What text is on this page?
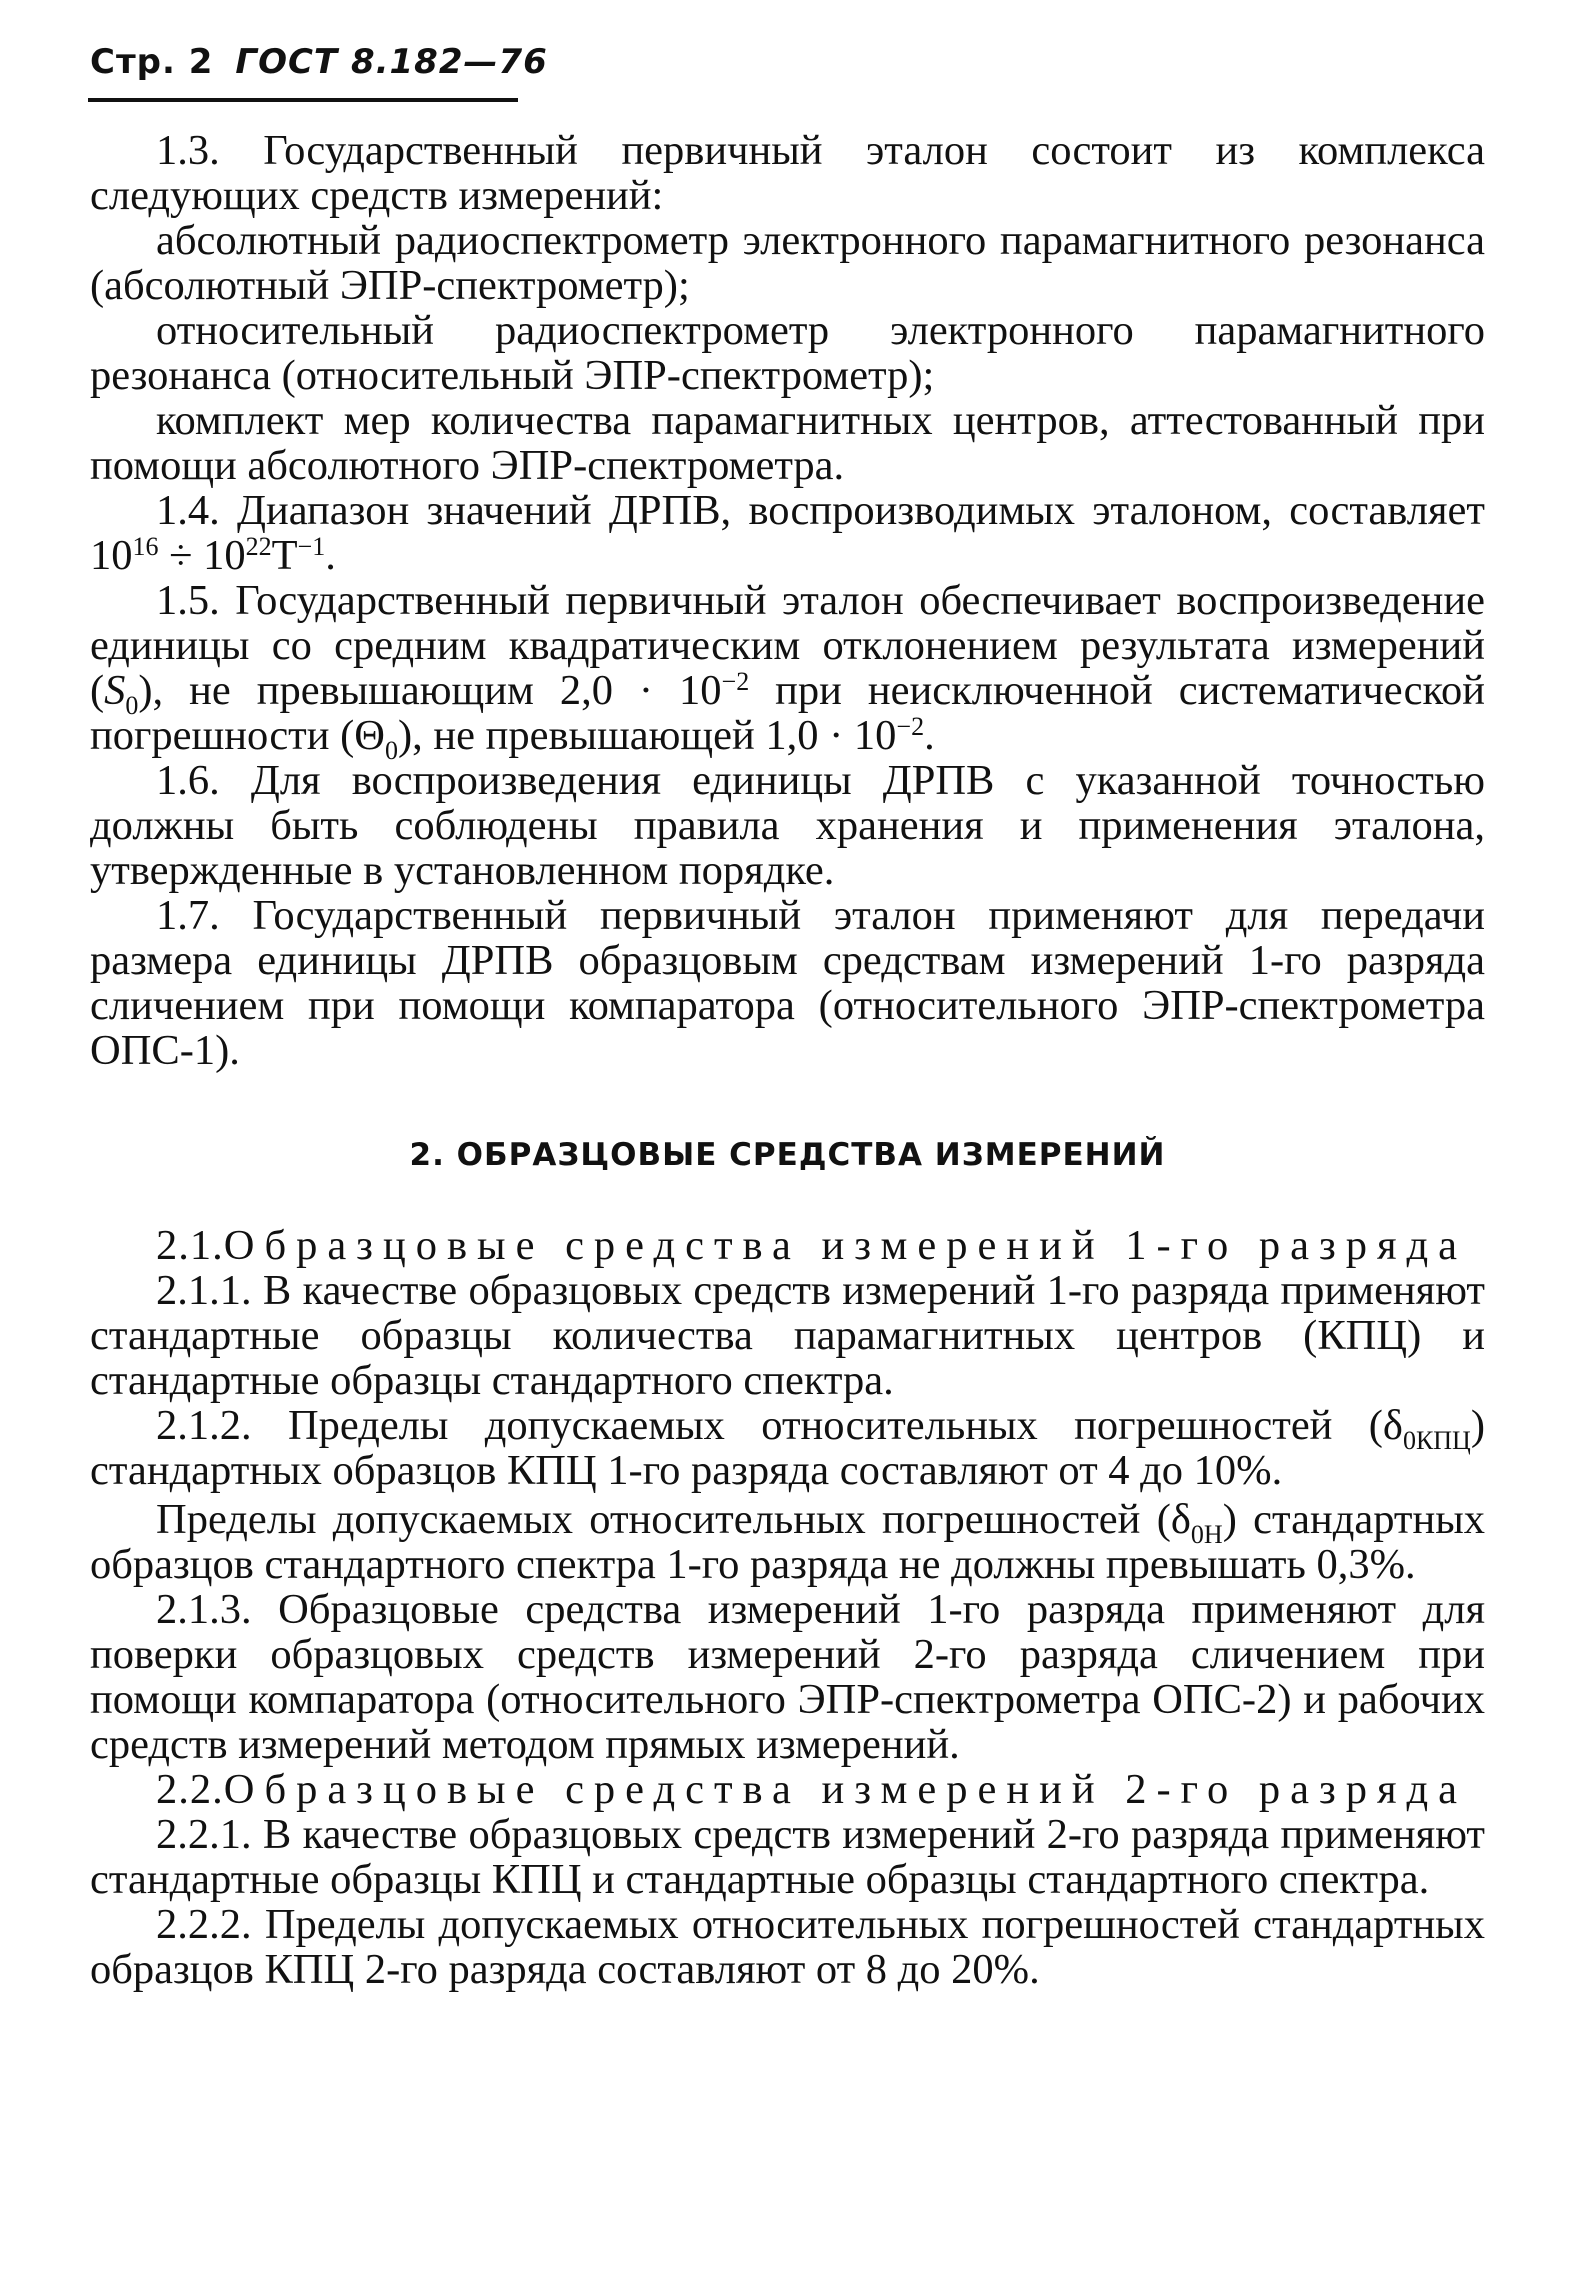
Стр. 2 ГОСТ 8.182—76

1.3. Государственный первичный эталон состоит из комплекса следующих средств измерений:

абсолютный радиоспектрометр электронного парамагнитного резонанса (абсолютный ЭПР-спектрометр);

относительный радиоспектрометр электронного парамагнитного резонанса (относительный ЭПР-спектрометр);

комплект мер количества парамагнитных центров, аттестованный при помощи абсолютного ЭПР-спектрометра.

1.4. Диапазон значений ДРПВ, воспроизводимых эталоном, составляет $10^{16} \div 10^{22}Т^{-1}$.

1.5. Государственный первичный эталон обеспечивает воспроизведение единицы со средним квадратическим отклонением результата измерений $(S_0)$, не превышающим $2,0 \cdot 10^{-2}$ при неисключенной систематической погрешности $(\Theta_0)$, не превышающей $1,0 \cdot 10^{-2}$.

1.6. Для воспроизведения единицы ДРПВ с указанной точностью должны быть соблюдены правила хранения и применения эталона, утвержденные в установленном порядке.

1.7. Государственный первичный эталон применяют для передачи размера единицы ДРПВ образцовым средствам измерений 1-го разряда сличением при помощи компаратора (относительного ЭПР-спектрометра ОПС-1).

2. ОБРАЗЦОВЫЕ СРЕДСТВА ИЗМЕРЕНИЙ

2.1.Образцовые средства измерений 1-го разряда

2.1.1. В качестве образцовых средств измерений 1-го разряда применяют стандартные образцы количества парамагнитных центров (КПЦ) и стандартные образцы стандартного спектра.

2.1.2. Пределы допускаемых относительных погрешностей $(\delta_{0КПЦ})$ стандартных образцов КПЦ 1-го разряда составляют от 4 до 10%.

Пределы допускаемых относительных погрешностей $(\delta_{0Н})$ стандартных образцов стандартного спектра 1-го разряда не должны превышать 0,3%.

2.1.3. Образцовые средства измерений 1-го разряда применяют для поверки образцовых средств измерений 2-го разряда сличением при помощи компаратора (относительного ЭПР-спектрометра ОПС-2) и рабочих средств измерений методом прямых измерений.

2.2.Образцовые средства измерений 2-го разряда

2.2.1. В качестве образцовых средств измерений 2-го разряда применяют стандартные образцы КПЦ и стандартные образцы стандартного спектра.

2.2.2. Пределы допускаемых относительных погрешностей стандартных образцов КПЦ 2-го разряда составляют от 8 до 20%.
